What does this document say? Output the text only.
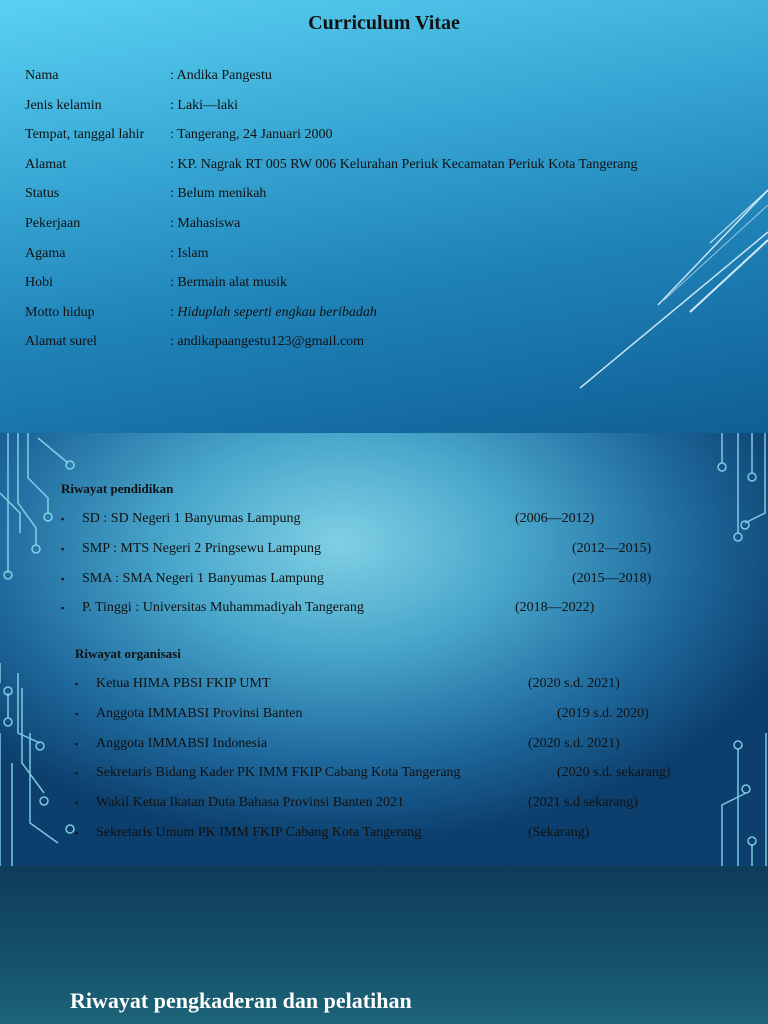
Curriculum Vitae
Nama	: Andika Pangestu
Jenis kelamin	: Laki—laki
Tempat, tanggal lahir : Tangerang, 24 Januari 2000
Alamat	: KP. Nagrak RT 005 RW 006 Kelurahan Periuk Kecamatan Periuk Kota Tangerang
Status	: Belum menikah
Pekerjaan	: Mahasiswa
Agama	: Islam
Hobi	: Bermain alat musik
Motto hidup	: Hiduplah seperti engkau beribadah
Alamat surel	: andikapaangestu123@gmail.com
Riwayat pendidikan
▪ SD : SD Negeri 1 Banyumas Lampung	(2006—2012)
▪ SMP : MTS Negeri 2 Pringsewu Lampung	(2012—2015)
▪ SMA : SMA Negeri 1 Banyumas Lampung	(2015—2018)
▪ P. Tinggi : Universitas Muhammadiyah Tangerang	(2018—2022)
Riwayat organisasi
▪ Ketua HIMA PBSI FKIP UMT	(2020 s.d. 2021)
▪ Anggota IMMABSI Provinsi Banten	(2019 s.d. 2020)
▪ Anggota IMMABSI Indonesia	(2020 s.d. 2021)
▪ Sekretaris Bidang Kader PK IMM FKIP Cabang Kota Tangerang	(2020 s.d. sekarang)
▪ Wakil Ketua Ikatan Duta Bahasa Provinsi Banten 2021	(2021 s.d sekarang)
▪ Sekretaris Umum PK IMM FKIP Cabang Kota Tangerang	(Sekarang)
Riwayat pengkaderan dan pelatihan
